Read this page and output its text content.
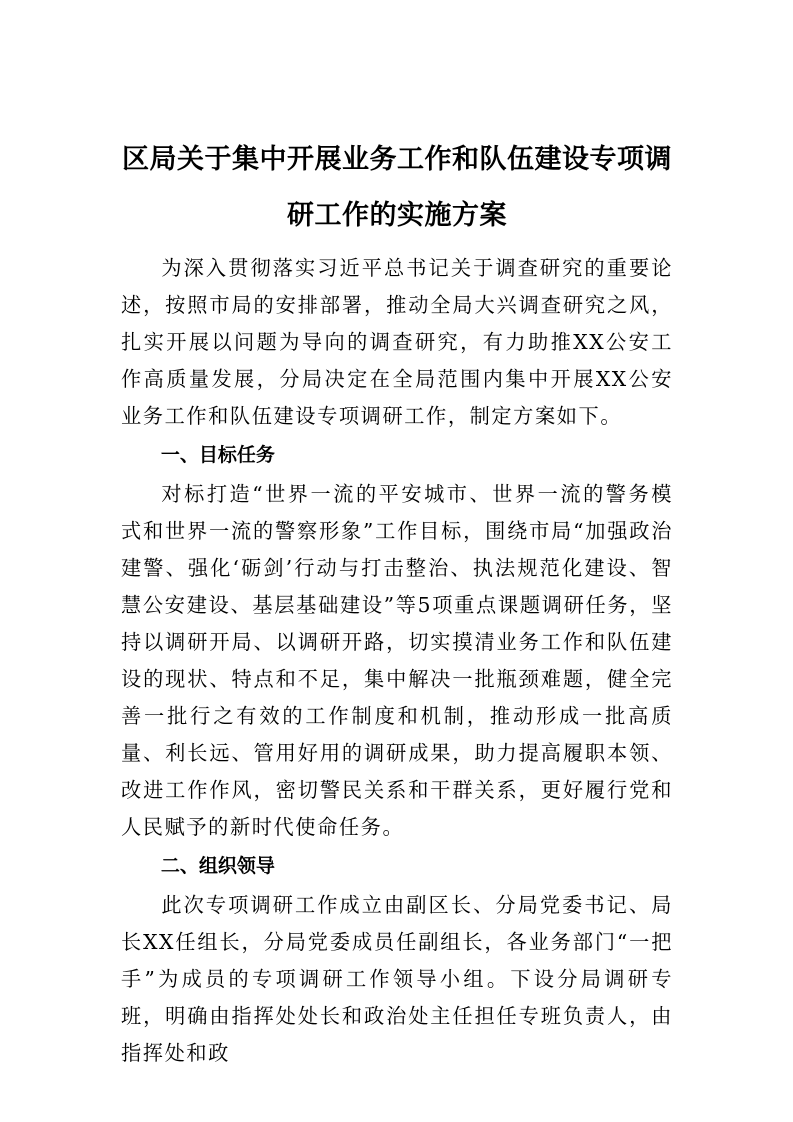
区局关于集中开展业务工作和队伍建设专项调研工作的实施方案

为深入贯彻落实习近平总书记关于调查研究的重要论述，按照市局的安排部署，推动全局大兴调查研究之风，扎实开展以问题为导向的调查研究，有力助推XX公安工作高质量发展，分局决定在全局范围内集中开展XX公安业务工作和队伍建设专项调研工作，制定方案如下。

一、目标任务

对标打造“世界一流的平安城市、世界一流的警务模式和世界一流的警察形象”工作目标，围绕市局“加强政治建警、强化‘砺剑’行动与打击整治、执法规范化建设、智慧公安建设、基层基础建设”等5项重点课题调研任务，坚持以调研开局、以调研开路，切实摸清业务工作和队伍建设的现状、特点和不足，集中解决一批瓶颈难题，健全完善一批行之有效的工作制度和机制，推动形成一批高质量、利长远、管用好用的调研成果，助力提高履职本领、改进工作作风，密切警民关系和干群关系，更好履行党和人民赋予的新时代使命任务。

二、组织领导

此次专项调研工作成立由副区长、分局党委书记、局长XX任组长，分局党委成员任副组长，各业务部门“一把手”为成员的专项调研工作领导小组。下设分局调研专班，明确由指挥处处长和政治处主任担任专班负责人，由指挥处和政
